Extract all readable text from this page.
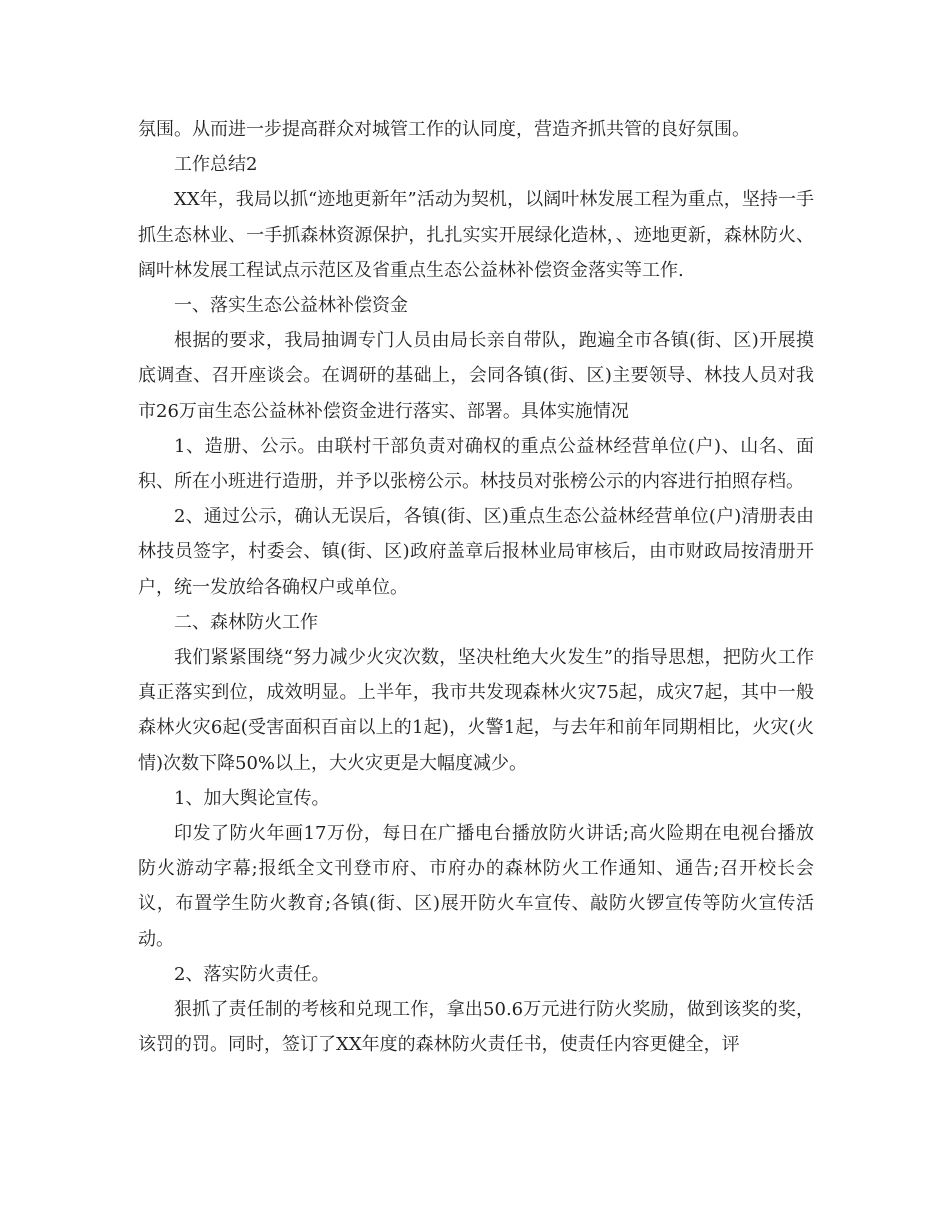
氛围。从而进一步提高群众对城管工作的认同度，营造齐抓共管的良好氛围。

工作总结2

XX年，我局以抓“迹地更新年”活动为契机，以阔叶林发展工程为重点，坚持一手抓生态林业、一手抓森林资源保护，扎扎实实开展绿化造林，、迹地更新，森林防火、阔叶林发展工程试点示范区及省重点生态公益林补偿资金落实等工作.

一、落实生态公益林补偿资金

根据的要求，我局抽调专门人员由局长亲自带队，跑遍全市各镇(街、区)开展摸底调查、召开座谈会。在调研的基础上，会同各镇(街、区)主要领导、林技人员对我市26万亩生态公益林补偿资金进行落实、部署。具体实施情况

1、造册、公示。由联村干部负责对确权的重点公益林经营单位(户)、山名、面积、所在小班进行造册，并予以张榜公示。林技员对张榜公示的内容进行拍照存档。

2、通过公示，确认无误后，各镇(街、区)重点生态公益林经营单位(户)清册表由林技员签字，村委会、镇(街、区)政府盖章后报林业局审核后，由市财政局按清册开户，统一发放给各确权户或单位。

二、森林防火工作

我们紧紧围绕“努力减少火灾次数，坚决杜绝大火发生”的指导思想，把防火工作真正落实到位，成效明显。上半年，我市共发现森林火灾75起，成灾7起，其中一般森林火灾6起(受害面积百亩以上的1起)，火警1起，与去年和前年同期相比，火灾(火情)次数下降50%以上，大火灾更是大幅度减少。

1、加大舆论宣传。

印发了防火年画17万份，每日在广播电台播放防火讲话;高火险期在电视台播放防火游动字幕;报纸全文刊登市府、市府办的森林防火工作通知、通告;召开校长会议，布置学生防火教育;各镇(街、区)展开防火车宣传、敲防火锣宣传等防火宣传活动。

2、落实防火责任。

狠抓了责任制的考核和兑现工作，拿出50.6万元进行防火奖励，做到该奖的奖，该罚的罚。同时，签订了XX年度的森林防火责任书，使责任内容更健全，评
